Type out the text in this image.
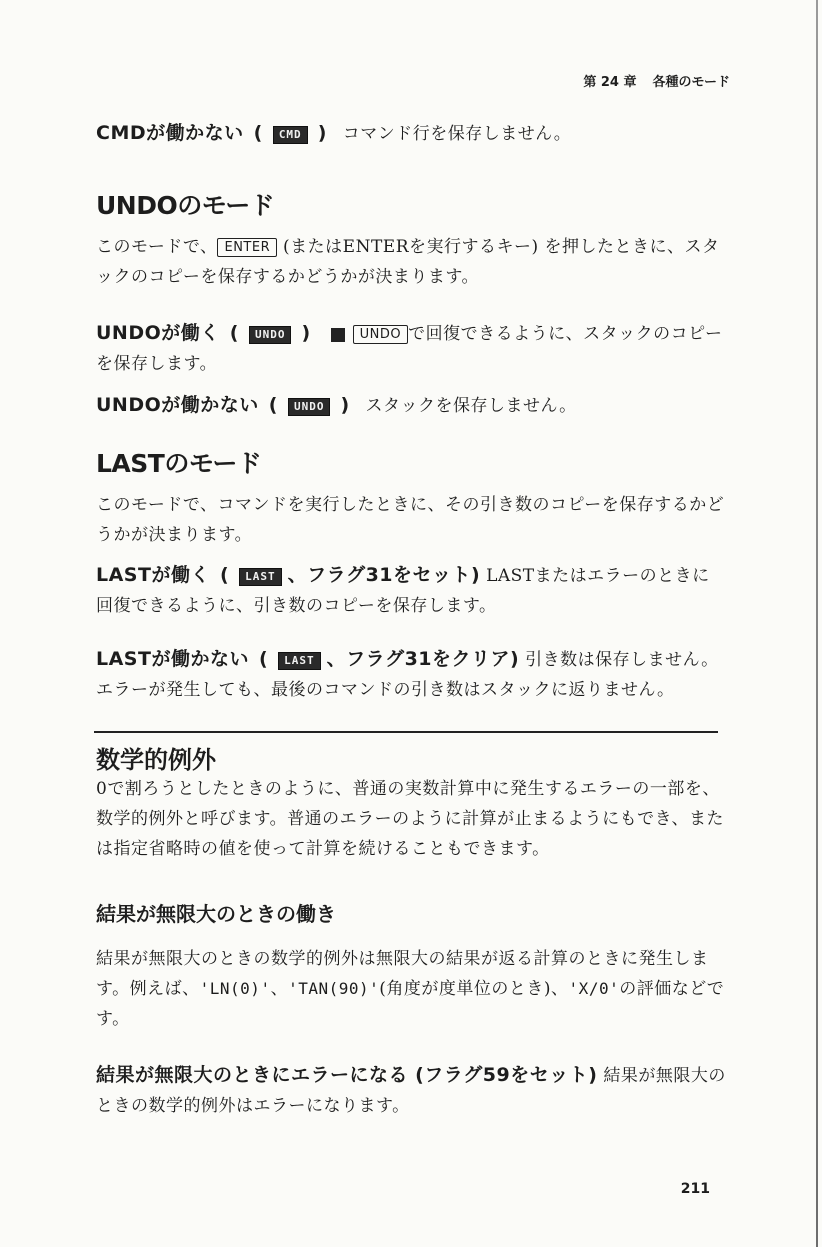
第 24 章 各種のモード

CMDが働かない ( CMD ) コマンド行を保存しません。

UNDOのモード

このモードで、 ENTER (またはENTERを実行するキー) を押したときに、スタックのコピーを保存するかどうかが決まります。

UNDOが働く ( UNDO )	UNDO で回復できるように、スタックのコピーを保存します。

UNDOが働かない ( UNDO ) スタックを保存しません。

LASTのモード

このモードで、コマンドを実行したときに、その引き数のコピーを保存するかどうかが決まります。

LASTが働く ( LAST 、フラグ31をセット) LASTまたはエラーのときに回復できるように、引き数のコピーを保存します。

LASTが働かない ( LAST 、フラグ31をクリア) 引き数は保存しません。エラーが発生しても、最後のコマンドの引き数はスタックに返りません。

数学的例外

0で割ろうとしたときのように、普通の実数計算中に発生するエラーの一部を、数学的例外と呼びます。普通のエラーのように計算が止まるようにもでき、または指定省略時の値を使って計算を続けることもできます。

結果が無限大のときの働き

結果が無限大のときの数学的例外は無限大の結果が返る計算のときに発生します。例えば、'LN(0)'、'TAN(90)'(角度が度単位のとき)、'X/0'の評価などです。

結果が無限大のときにエラーになる (フラグ59をセット) 結果が無限大のときの数学的例外はエラーになります。

211
